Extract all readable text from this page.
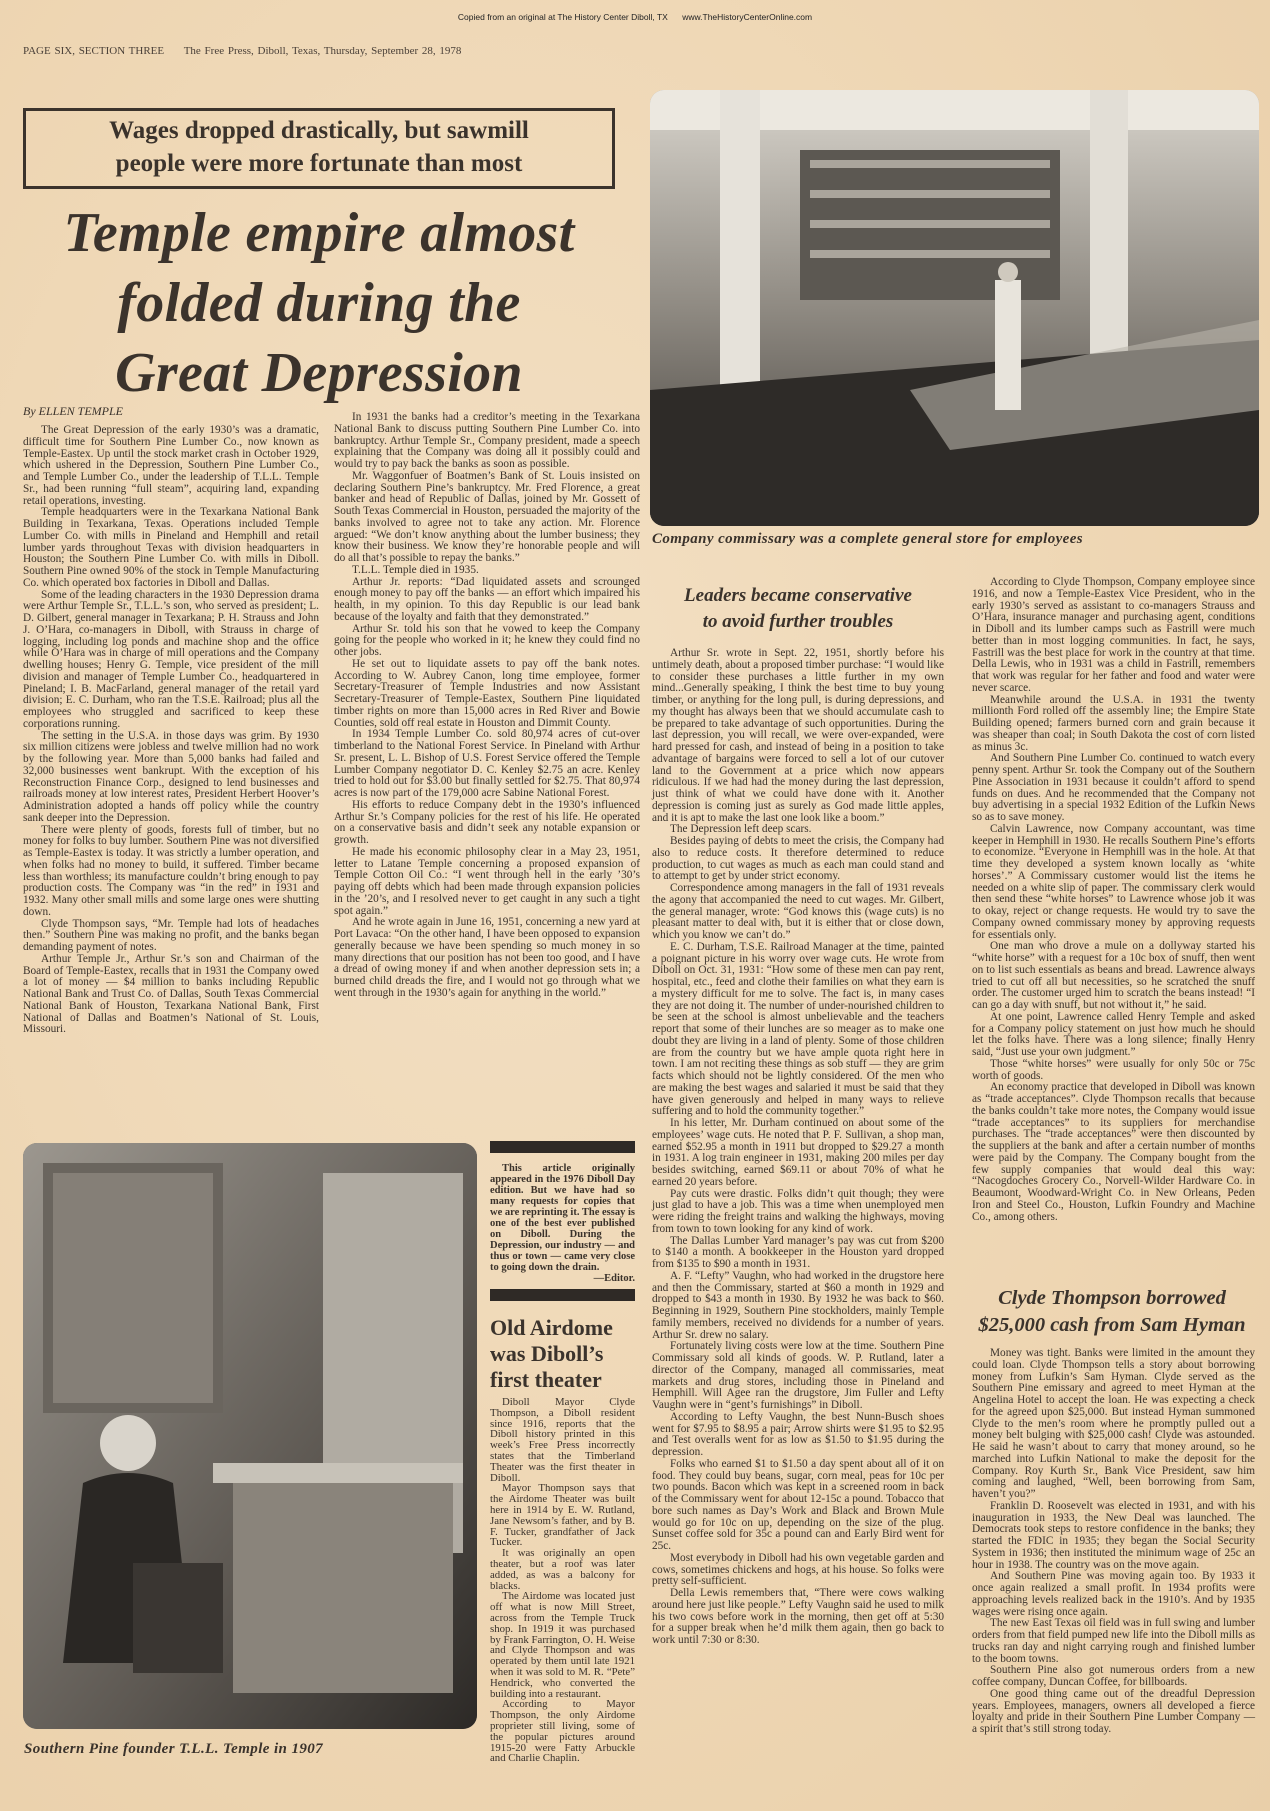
Copied from an original at The History Center Diboll, TX www.TheHistoryCenterOnline.com
PAGE SIX, SECTION THREE The Free Press, Diboll, Texas, Thursday, September 28, 1978
Wages dropped drastically, but sawmill
people were more fortunate than most
Temple empire almost
folded during the
Great Depression
By ELLEN TEMPLE

The Great Depression of the early 1930’s was a dramatic, difficult time for Southern Pine Lumber Co., now known as Temple-Eastex. Up until the stock market crash in October 1929, which ushered in the Depression, Southern Pine Lumber Co., and Temple Lumber Co., under the leadership of T.L.L. Temple Sr., had been running “full steam”, acquiring land, expanding retail operations, investing.

Temple headquarters were in the Texarkana National Bank Building in Texarkana, Texas. Operations included Temple Lumber Co. with mills in Pineland and Hemphill and retail lumber yards throughout Texas with division headquarters in Houston; the Southern Pine Lumber Co. with mills in Diboll. Southern Pine owned 90% of the stock in Temple Manufacturing Co. which operated box factories in Diboll and Dallas.

Some of the leading characters in the 1930 Depression drama were Arthur Temple Sr., T.L.L.’s son, who served as president; L. D. Gilbert, general manager in Texarkana; P. H. Strauss and John J. O’Hara, co-managers in Diboll, with Strauss in charge of logging, including log ponds and machine shop and the office while O’Hara was in charge of mill operations and the Company dwelling houses; Henry G. Temple, vice president of the mill division and manager of Temple Lumber Co., headquartered in Pineland; I. B. MacFarland, general manager of the retail yard division; E. C. Durham, who ran the T.S.E. Railroad; plus all the employees who struggled and sacrificed to keep these corporations running.

The setting in the U.S.A. in those days was grim. By 1930 six million citizens were jobless and twelve million had no work by the following year. More than 5,000 banks had failed and 32,000 businesses went bankrupt. With the exception of his Reconstruction Finance Corp., designed to lend businesses and railroads money at low interest rates, President Herbert Hoover’s Administration adopted a hands off policy while the country sank deeper into the Depression.

There were plenty of goods, forests full of timber, but no money for folks to buy lumber. Southern Pine was not diversified as Temple-Eastex is today. It was strictly a lumber operation, and when folks had no money to build, it suffered. Timber became less than worthless; its manufacture couldn’t bring enough to pay production costs. The Company was “in the red” in 1931 and 1932. Many other small mills and some large ones were shutting down.

Clyde Thompson says, “Mr. Temple had lots of headaches then.” Southern Pine was making no profit, and the banks began demanding payment of notes.

Arthur Temple Jr., Arthur Sr.’s son and Chairman of the Board of Temple-Eastex, recalls that in 1931 the Company owed a lot of money — $4 million to banks including Republic National Bank and Trust Co. of Dallas, South Texas Commercial National Bank of Houston, Texarkana National Bank, First National of Dallas and Boatmen’s National of St. Louis, Missouri.

In 1931 the banks had a creditor’s meeting in the Texarkana National Bank to discuss putting Southern Pine Lumber Co. into bankruptcy. Arthur Temple Sr., Company president, made a speech explaining that the Company was doing all it possibly could and would try to pay back the banks as soon as possible.

Mr. Waggonfuer of Boatmen’s Bank of St. Louis insisted on declaring Southern Pine’s bankruptcy. Mr. Fred Florence, a great banker and head of Republic of Dallas, joined by Mr. Gossett of South Texas Commercial in Houston, persuaded the majority of the banks involved to agree not to take any action. Mr. Florence argued: “We don’t know anything about the lumber business; they know their business. We know they’re honorable people and will do all that’s possible to repay the banks.”

T.L.L. Temple died in 1935.

Arthur Jr. reports: “Dad liquidated assets and scrounged enough money to pay off the banks — an effort which impaired his health, in my opinion. To this day Republic is our lead bank because of the loyalty and faith that they demonstrated.”

Arthur Sr. told his son that he vowed to keep the Company going for the people who worked in it; he knew they could find no other jobs.

He set out to liquidate assets to pay off the bank notes. According to W. Aubrey Canon, long time employee, former Secretary-Treasurer of Temple Industries and now Assistant Secretary-Treasurer of Temple-Eastex, Southern Pine liquidated timber rights on more than 15,000 acres in Red River and Bowie Counties, sold off real estate in Houston and Dimmit County.

In 1934 Temple Lumber Co. sold 80,974 acres of cut-over timberland to the National Forest Service. In Pineland with Arthur Sr. present, L. L. Bishop of U.S. Forest Service offered the Temple Lumber Company negotiator D. C. Kenley $2.75 an acre. Kenley tried to hold out for $3.00 but finally settled for $2.75. That 80,974 acres is now part of the 179,000 acre Sabine National Forest.

His efforts to reduce Company debt in the 1930’s influenced Arthur Sr.’s Company policies for the rest of his life. He operated on a conservative basis and didn’t seek any notable expansion or growth.

He made his economic philosophy clear in a May 23, 1951, letter to Latane Temple concerning a proposed expansion of Temple Cotton Oil Co.: “I went through hell in the early ’30’s paying off debts which had been made through expansion policies in the ’20’s, and I resolved never to get caught in any such a tight spot again.”

And he wrote again in June 16, 1951, concerning a new yard at Port Lavaca: “On the other hand, I have been opposed to expansion generally because we have been spending so much money in so many directions that our position has not been too good, and I have a dread of owing money if and when another depression sets in; a burned child dreads the fire, and I would not go through what we went through in the 1930’s again for anything in the world.”

Company commissary was a complete general store for employees
Leaders became conservative
to avoid further troubles

Arthur Sr. wrote in Sept. 22, 1951, shortly before his untimely death, about a proposed timber purchase: “I would like to consider these purchases a little further in my own mind...Generally speaking, I think the best time to buy young timber, or anything for the long pull, is during depressions, and my thought has always been that we should accumulate cash to be prepared to take advantage of such opportunities. During the last depression, you will recall, we were over-expanded, were hard pressed for cash, and instead of being in a position to take advantage of bargains were forced to sell a lot of our cutover land to the Government at a price which now appears ridiculous. If we had had the money during the last depression, just think of what we could have done with it. Another depression is coming just as surely as God made little apples, and it is apt to make the last one look like a boom.”

The Depression left deep scars.

Besides paying of debts to meet the crisis, the Company had also to reduce costs. It therefore determined to reduce production, to cut wages as much as each man could stand and to attempt to get by under strict economy.

Correspondence among managers in the fall of 1931 reveals the agony that accompanied the need to cut wages. Mr. Gilbert, the general manager, wrote: “God knows this (wage cuts) is no pleasant matter to deal with, but it is either that or close down, which you know we can’t do.”

E. C. Durham, T.S.E. Railroad Manager at the time, painted a poignant picture in his worry over wage cuts. He wrote from Diboll on Oct. 31, 1931: “How some of these men can pay rent, hospital, etc., feed and clothe their families on what they earn is a mystery difficult for me to solve. The fact is, in many cases they are not doing it. The number of under-nourished children to be seen at the school is almost unbelievable and the teachers report that some of their lunches are so meager as to make one doubt they are living in a land of plenty. Some of those children are from the country but we have ample quota right here in town. I am not reciting these things as sob stuff — they are grim facts which should not be lightly considered. Of the men who are making the best wages and salaried it must be said that they have given generously and helped in many ways to relieve suffering and to hold the community together.”

In his letter, Mr. Durham continued on about some of the employees’ wage cuts. He noted that P. F. Sullivan, a shop man, earned $52.95 a month in 1911 but dropped to $29.27 a month in 1931. A log train engineer in 1931, making 200 miles per day besides switching, earned $69.11 or about 70% of what he earned 20 years before.

Pay cuts were drastic. Folks didn’t quit though; they were just glad to have a job. This was a time when unemployed men were riding the freight trains and walking the highways, moving from town to town looking for any kind of work.

The Dallas Lumber Yard manager’s pay was cut from $200 to $140 a month. A bookkeeper in the Houston yard dropped from $135 to $90 a month in 1931.

A. F. “Lefty” Vaughn, who had worked in the drugstore here and then the Commissary, started at $60 a month in 1929 and dropped to $43 a month in 1930. By 1932 he was back to $60. Beginning in 1929, Southern Pine stockholders, mainly Temple family members, received no dividends for a number of years. Arthur Sr. drew no salary.

Fortunately living costs were low at the time. Southern Pine Commissary sold all kinds of goods. W. P. Rutland, later a director of the Company, managed all commissaries, meat markets and drug stores, including those in Pineland and Hemphill. Will Agee ran the drugstore, Jim Fuller and Lefty Vaughn were in “gent’s furnishings” in Diboll.

According to Lefty Vaughn, the best Nunn-Busch shoes went for $7.95 to $8.95 a pair; Arrow shirts were $1.95 to $2.95 and Test overalls went for as low as $1.50 to $1.95 during the depression.

Folks who earned $1 to $1.50 a day spent about all of it on food. They could buy beans, sugar, corn meal, peas for 10c per two pounds. Bacon which was kept in a screened room in back of the Commissary went for about 12-15c a pound. Tobacco that bore such names as Day’s Work and Black and Brown Mule would go for 10c on up, depending on the size of the plug. Sunset coffee sold for 35c a pound can and Early Bird went for 25c.

Most everybody in Diboll had his own vegetable garden and cows, sometimes chickens and hogs, at his house. So folks were pretty self-sufficient.

Della Lewis remembers that, “There were cows walking around here just like people.” Lefty Vaughn said he used to milk his two cows before work in the morning, then get off at 5:30 for a supper break when he’d milk them again, then go back to work until 7:30 or 8:30.

According to Clyde Thompson, Company employee since 1916, and now a Temple-Eastex Vice President, who in the early 1930’s served as assistant to co-managers Strauss and O’Hara, insurance manager and purchasing agent, conditions in Diboll and its lumber camps such as Fastrill were much better than in most logging communities. In fact, he says, Fastrill was the best place for work in the country at that time. Della Lewis, who in 1931 was a child in Fastrill, remembers that work was regular for her father and food and water were never scarce.

Meanwhile around the U.S.A. in 1931 the twenty millionth Ford rolled off the assembly line; the Empire State Building opened; farmers burned corn and grain because it was sheaper than coal; in South Dakota the cost of corn listed as minus 3c.

And Southern Pine Lumber Co. continued to watch every penny spent. Arthur Sr. took the Company out of the Southern Pine Association in 1931 because it couldn’t afford to spend funds on dues. And he recommended that the Company not buy advertising in a special 1932 Edition of the Lufkin News so as to save money.

Calvin Lawrence, now Company accountant, was time keeper in Hemphill in 1930. He recalls Southern Pine’s efforts to economize. “Everyone in Hemphill was in the hole. At that time they developed a system known locally as ‘white horses’.” A Commissary customer would list the items he needed on a white slip of paper. The commissary clerk would then send these “white horses” to Lawrence whose job it was to okay, reject or change requests. He would try to save the Company owned commissary money by approving requests for essentials only.

One man who drove a mule on a dollyway started his “white horse” with a request for a 10c box of snuff, then went on to list such essentials as beans and bread. Lawrence always tried to cut off all but necessities, so he scratched the snuff order. The customer urged him to scratch the beans instead! “I can go a day with snuff, but not without it,” he said.

At one point, Lawrence called Henry Temple and asked for a Company policy statement on just how much he should let the folks have. There was a long silence; finally Henry said, “Just use your own judgment.”

Those “white horses” were usually for only 50c or 75c worth of goods.

An economy practice that developed in Diboll was known as “trade acceptances”. Clyde Thompson recalls that because the banks couldn’t take more notes, the Company would issue “trade acceptances” to its suppliers for merchandise purchases. The “trade acceptances” were then discounted by the suppliers at the bank and after a certain number of months were paid by the Company. The Company bought from the few supply companies that would deal this way: “Nacogdoches Grocery Co., Norvell-Wilder Hardware Co. in Beaumont, Woodward-Wright Co. in New Orleans, Peden Iron and Steel Co., Houston, Lufkin Foundry and Machine Co., among others.

Clyde Thompson borrowed
$25,000 cash from Sam Hyman

Money was tight. Banks were limited in the amount they could loan. Clyde Thompson tells a story about borrowing money from Lufkin’s Sam Hyman. Clyde served as the Southern Pine emissary and agreed to meet Hyman at the Angelina Hotel to accept the loan. He was expecting a check for the agreed upon $25,000. But instead Hyman summoned Clyde to the men’s room where he promptly pulled out a money belt bulging with $25,000 cash! Clyde was astounded. He said he wasn’t about to carry that money around, so he marched into Lufkin National to make the deposit for the Company. Roy Kurth Sr., Bank Vice President, saw him coming and laughed, “Well, been borrowing from Sam, haven’t you?”

Franklin D. Roosevelt was elected in 1931, and with his inauguration in 1933, the New Deal was launched. The Democrats took steps to restore confidence in the banks; they started the FDIC in 1935; they began the Social Security System in 1936; then instituted the minimum wage of 25c an hour in 1938. The country was on the move again.

And Southern Pine was moving again too. By 1933 it once again realized a small profit. In 1934 profits were approaching levels realized back in the 1910’s. And by 1935 wages were rising once again.

The new East Texas oil field was in full swing and lumber orders from that field pumped new life into the Diboll mills as trucks ran day and night carrying rough and finished lumber to the boom towns.

Southern Pine also got numerous orders from a new coffee company, Duncan Coffee, for billboards.

One good thing came out of the dreadful Depression years. Employees, managers, owners all developed a fierce loyalty and pride in their Southern Pine Lumber Company — a spirit that’s still strong today.

Southern Pine founder T.L.L. Temple in 1907

This article originally appeared in the 1976 Diboll Day edition. But we have had so many requests for copies that we are reprinting it. The essay is one of the best ever published on Diboll. During the Depression, our industry — and thus or town — came very close to going down the drain.
—Editor.

Old Airdome
was Diboll’s
first theater

Diboll Mayor Clyde Thompson, a Diboll resident since 1916, reports that the Diboll history printed in this week’s Free Press incorrectly states that the Timberland Theater was the first theater in Diboll.

Mayor Thompson says that the Airdome Theater was built here in 1914 by E. W. Rutland, Jane Newsom’s father, and by B. F. Tucker, grandfather of Jack Tucker.

It was originally an open theater, but a roof was later added, as was a balcony for blacks.

The Airdome was located just off what is now Mill Street, across from the Temple Truck shop. In 1919 it was purchased by Frank Farrington, O. H. Weise and Clyde Thompson and was operated by them until late 1921 when it was sold to M. R. “Pete” Hendrick, who converted the building into a restaurant.

According to Mayor Thompson, the only Airdome proprieter still living, some of the popular pictures around 1915-20 were Fatty Arbuckle and Charlie Chaplin.
